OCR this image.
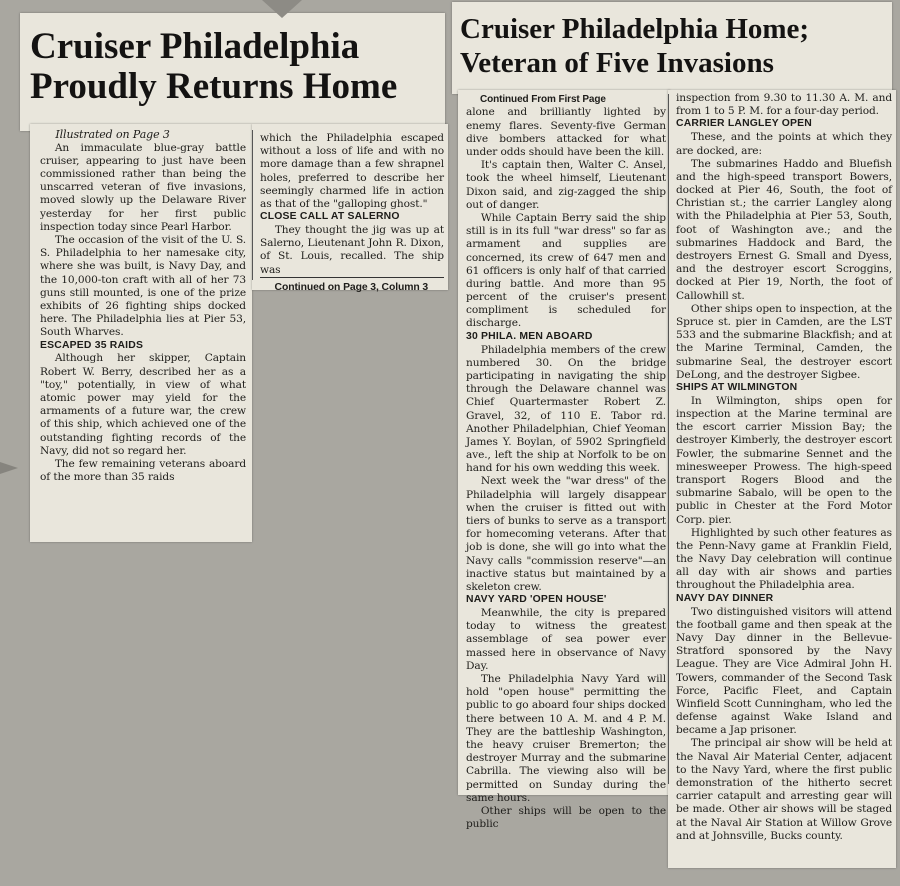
Cruiser Philadelphia
Proudly Returns Home

Illustrated on Page 3

An immaculate blue-gray battle cruiser, appearing to just have been commissioned rather than being the unscarred veteran of five invasions, moved slowly up the Delaware River yesterday for her first public inspection today since Pearl Harbor.

The occasion of the visit of the U. S. S. Philadelphia to her namesake city, where she was built, is Navy Day, and the 10,000-ton craft with all of her 73 guns still mounted, is one of the prize exhibits of 26 fighting ships docked here. The Philadelphia lies at Pier 53, South Wharves.

ESCAPED 35 RAIDS

Although her skipper, Captain Robert W. Berry, described her as a "toy," potentially, in view of what atomic power may yield for the armaments of a future war, the crew of this ship, which achieved one of the outstanding fighting records of the Navy, did not so regard her.

The few remaining veterans aboard of the more than 35 raids

which the Philadelphia escaped without a loss of life and with no more damage than a few shrapnel holes, preferred to describe her seemingly charmed life in action as that of the "galloping ghost."

CLOSE CALL AT SALERNO

They thought the jig was up at Salerno, Lieutenant John R. Dixon, of St. Louis, recalled. The ship was

Continued on Page 3, Column 3

Cruiser Philadelphia Home;
Veteran of Five Invasions

Continued From First Page

alone and brilliantly lighted by enemy flares. Seventy-five German dive bombers attacked for what under odds should have been the kill.

It's captain then, Walter C. Ansel, took the wheel himself, Lieutenant Dixon said, and zig-zagged the ship out of danger.

While Captain Berry said the ship still is in its full "war dress" so far as armament and supplies are concerned, its crew of 647 men and 61 officers is only half of that carried during battle. And more than 95 percent of the cruiser's present compliment is scheduled for discharge.

30 PHILA. MEN ABOARD

Philadelphia members of the crew numbered 30. On the bridge participating in navigating the ship through the Delaware channel was Chief Quartermaster Robert Z. Gravel, 32, of 110 E. Tabor rd. Another Philadelphian, Chief Yeoman James Y. Boylan, of 5902 Springfield ave., left the ship at Norfolk to be on hand for his own wedding this week.

Next week the "war dress" of the Philadelphia will largely disappear when the cruiser is fitted out with tiers of bunks to serve as a transport for homecoming veterans. After that job is done, she will go into what the Navy calls "commission reserve"—an inactive status but maintained by a skeleton crew.

NAVY YARD 'OPEN HOUSE'

Meanwhile, the city is prepared today to witness the greatest assemblage of sea power ever massed here in observance of Navy Day.

The Philadelphia Navy Yard will hold "open house" permitting the public to go aboard four ships docked there between 10 A. M. and 4 P. M. They are the battleship Washington, the heavy cruiser Bremerton; the destroyer Murray and the submarine Cabrilla. The viewing also will be permitted on Sunday during the same hours.

Other ships will be open to the public

inspection from 9.30 to 11.30 A. M. and from 1 to 5 P. M. for a four-day period.

CARRIER LANGLEY OPEN

These, and the points at which they are docked, are:

The submarines Haddo and Bluefish and the high-speed transport Bowers, docked at Pier 46, South, the foot of Christian st.; the carrier Langley along with the Philadelphia at Pier 53, South, foot of Washington ave.; and the submarines Haddock and Bard, the destroyers Ernest G. Small and Dyess, and the destroyer escort Scroggins, docked at Pier 19, North, the foot of Callowhill st.

Other ships open to inspection, at the Spruce st. pier in Camden, are the LST 533 and the submarine Blackfish; and at the Marine Terminal, Camden, the submarine Seal, the destroyer escort DeLong, and the destroyer Sigbee.

SHIPS AT WILMINGTON

In Wilmington, ships open for inspection at the Marine terminal are the escort carrier Mission Bay; the destroyer Kimberly, the destroyer escort Fowler, the submarine Sennet and the minesweeper Prowess. The high-speed transport Rogers Blood and the submarine Sabalo, will be open to the public in Chester at the Ford Motor Corp. pier.

Highlighted by such other features as the Penn-Navy game at Franklin Field, the Navy Day celebration will continue all day with air shows and parties throughout the Philadelphia area.

NAVY DAY DINNER

Two distinguished visitors will attend the football game and then speak at the Navy Day dinner in the Bellevue-Stratford sponsored by the Navy League. They are Vice Admiral John H. Towers, commander of the Second Task Force, Pacific Fleet, and Captain Winfield Scott Cunningham, who led the defense against Wake Island and became a Jap prisoner.

The principal air show will be held at the Naval Air Material Center, adjacent to the Navy Yard, where the first public demonstration of the hitherto secret carrier catapult and arresting gear will be made. Other air shows will be staged at the Naval Air Station at Willow Grove and at Johnsville, Bucks county.
